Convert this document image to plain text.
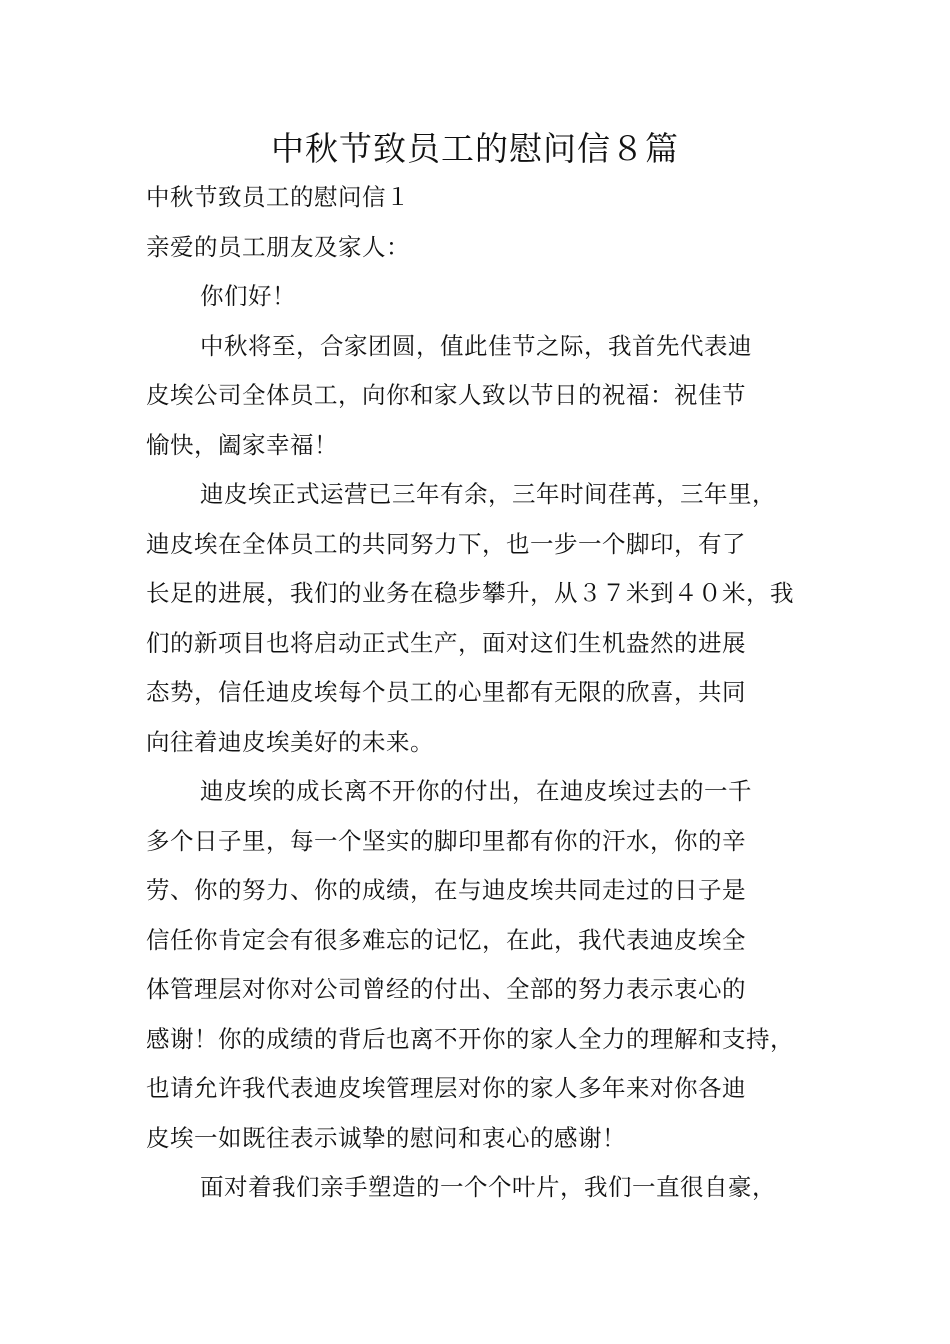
中秋节致员工的慰问信８篇
中秋节致员工的慰问信１
亲爱的员工朋友及家人：
你们好！
中秋将至，合家团圆，值此佳节之际，我首先代表迪
皮埃公司全体员工，向你和家人致以节日的祝福：祝佳节
愉快，阖家幸福！
迪皮埃正式运营已三年有余，三年时间荏苒，三年里，
迪皮埃在全体员工的共同努力下，也一步一个脚印，有了
长足的进展，我们的业务在稳步攀升，从３７米到４０米，我
们的新项目也将启动正式生产，面对这们生机盎然的进展
态势，信任迪皮埃每个员工的心里都有无限的欣喜，共同
向往着迪皮埃美好的未来。
迪皮埃的成长离不开你的付出，在迪皮埃过去的一千
多个日子里，每一个坚实的脚印里都有你的汗水，你的辛
劳、你的努力、你的成绩，在与迪皮埃共同走过的日子是
信任你肯定会有很多难忘的记忆，在此，我代表迪皮埃全
体管理层对你对公司曾经的付出、全部的努力表示衷心的
感谢！你的成绩的背后也离不开你的家人全力的理解和支持，
也请允许我代表迪皮埃管理层对你的家人多年来对你各迪
皮埃一如既往表示诚挚的慰问和衷心的感谢！
面对着我们亲手塑造的一个个叶片，我们一直很自豪，
